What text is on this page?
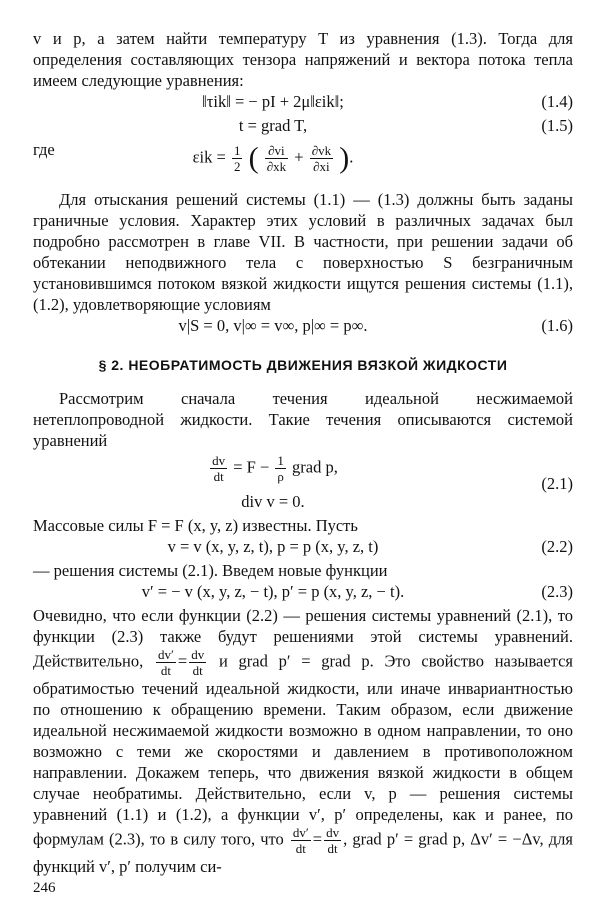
v и p, а затем найти температуру T из уравнения (1.3). Тогда для определения составляющих тензора напряжений и вектора потока тепла имеем следующие уравнения:

‖τik‖ = − pI + 2μ‖εik‖;	(1.4)
t = grad T,	(1.5)
где	$\varepsilon ik = \frac{1}{2}$ ( $\frac{\partial vi}{\partial xk} + \frac{\partial vk}{\partial xi}$ ).

Для отыскания решений системы (1.1) — (1.3) должны быть заданы граничные условия. Характер этих условий в различных задачах был подробно рассмотрен в главе VII. В частности, при решении задачи об обтекании неподвижного тела с поверхностью S безграничным установившимся потоком вязкой жидкости ищутся решения системы (1.1), (1.2), удовлетворяющие условиям

v|S = 0, v|∞ = v∞, p|∞ = p∞.	(1.6)
§ 2. НЕОБРАТИМОСТЬ ДВИЖЕНИЯ ВЯЗКОЙ ЖИДКОСТИ

Рассмотрим сначала течения идеальной несжимаемой нетеплопроводной жидкости. Такие течения описываются системой уравнений

$\frac{dv}{dt} = F - \frac{1}{\rho}$ grad p,
div v = 0.
(2.1)

Массовые силы F = F (x, y, z) известны. Пусть

v = v (x, y, z, t), p = p (x, y, z, t)	(2.2)

— решения системы (2.1). Введем новые функции

v′ = − v (x, y, z, − t), p′ = p (x, y, z, − t).	(2.3)

Очевидно, что если функции (2.2) — решения системы уравнений (2.1), то функции (2.3) также будут решениями этой системы уравнений. Действительно, $\frac{dv'}{dt} = \frac{dv}{dt}$ и grad p′ = grad p. Это свойство называется обратимостью течений идеальной жидкости, или иначе инвариантностью по отношению к обращению времени. Таким образом, если движение идеальной несжимаемой жидкости возможно в одном направлении, то оно возможно с теми же скоростями и давлением в противоположном направлении. Докажем теперь, что движения вязкой жидкости в общем случае необратимы. Действительно, если v, p — решения системы уравнений (1.1) и (1.2), а функции v′, p′ определены, как и ранее, по формулам (2.3), то в силу того, что $\frac{dv'}{dt} = \frac{dv}{dt}$ , grad p′ = grad p, Δv′ = −Δv, для функций v′, p′ получим си-

246
